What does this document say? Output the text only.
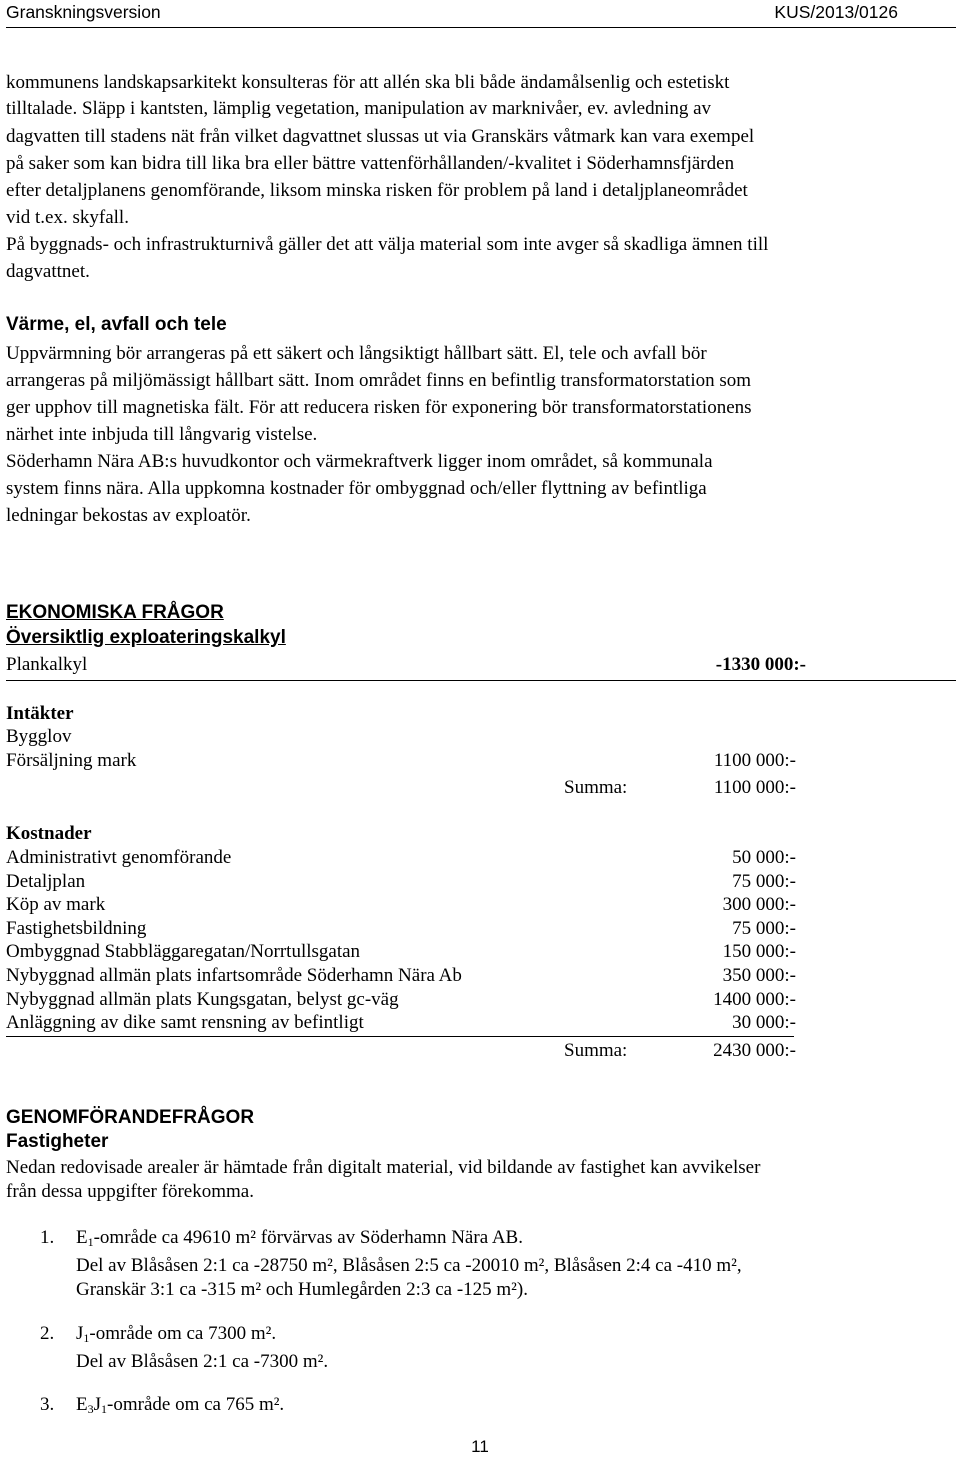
Granskningsversion	KUS/2013/0126

kommunens landskapsarkitekt konsulteras för att allén ska bli både ändamålsenlig och estetiskt

tilltalade. Släpp i kantsten, lämplig vegetation, manipulation av marknivåer, ev. avledning av

dagvatten till stadens nät från vilket dagvattnet slussas ut via Granskärs våtmark kan vara exempel

på saker som kan bidra till lika bra eller bättre vattenförhållanden/-kvalitet i Söderhamnsfjärden

efter detaljplanens genomförande, liksom minska risken för problem på land i detaljplaneområdet

vid t.ex. skyfall.

På byggnads- och infrastrukturnivå gäller det att välja material som inte avger så skadliga ämnen till

dagvattnet.

Värme, el, avfall och tele

Uppvärmning bör arrangeras på ett säkert och långsiktigt hållbart sätt. El, tele och avfall bör

arrangeras på miljömässigt hållbart sätt. Inom området finns en befintlig transformatorstation som

ger upphov till magnetiska fält. För att reducera risken för exponering bör transformatorstationens

närhet inte inbjuda till långvarig vistelse.

Söderhamn Nära AB:s huvudkontor och värmekraftverk ligger inom området, så kommunala

system finns nära. Alla uppkomna kostnader för ombyggnad och/eller flyttning av befintliga

ledningar bekostas av exploatör.

EKONOMISKA FRÅGOR
Översiktlig exploateringskalkyl
Plankalkyl	-1330 000:-
Intäkter
Bygglov
Försäljning mark	1100 000:-
Summa:	1100 000:-
Kostnader
Administrativt genomförande	50 000:-
Detaljplan	75 000:-
Köp av mark	300 000:-
Fastighetsbildning	75 000:-
Ombyggnad Stabbläggaregatan/Norrtullsgatan	150 000:-
Nybyggnad allmän plats infartsområde Söderhamn Nära Ab	350 000:-
Nybyggnad allmän plats Kungsgatan, belyst gc-väg	1400 000:-
Anläggning av dike samt rensning av befintligt	30 000:-
Summa:	2430 000:-
GENOMFÖRANDEFRÅGOR
Fastigheter

Nedan redovisade arealer är hämtade från digitalt material, vid bildande av fastighet kan avvikelser

från dessa uppgifter förekomma.

1. $E_1$-område ca 49610 m² förvärvas av Söderhamn Nära AB.
Del av Blåsåsen 2:1 ca -28750 m², Blåsåsen 2:5 ca -20010 m², Blåsåsen 2:4 ca -410 m²,
Granskär 3:1 ca -315 m² och Humlegården 2:3 ca -125 m²).
2. $J_1$-område om ca 7300 m².
Del av Blåsåsen 2:1 ca -7300 m².
3. $E_3J_1$-område om ca 765 m².
11
